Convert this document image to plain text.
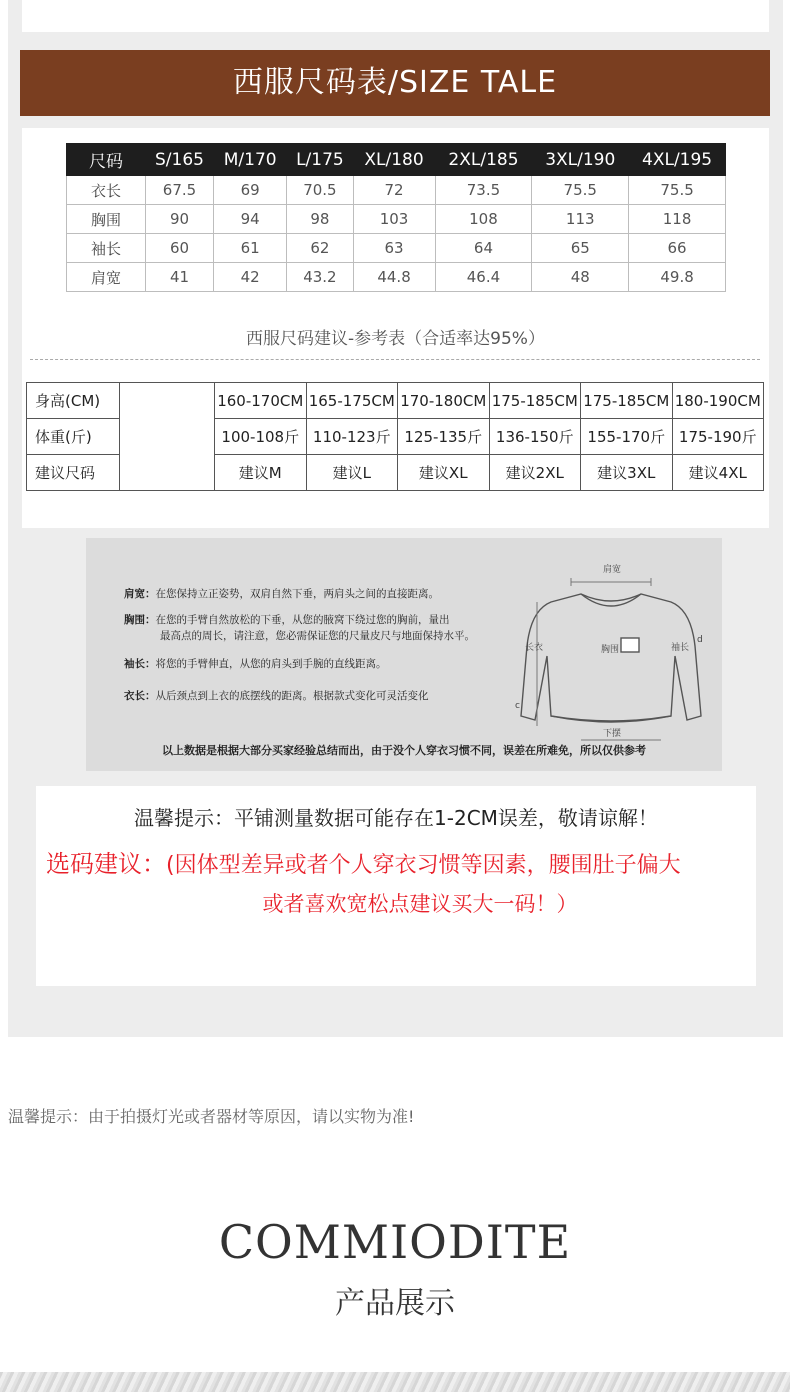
西服尺码表/SIZE TALE
尺码	S/165	M/170	L/175	XL/180	2XL/185	3XL/190	4XL/195
衣长	67.5	69	70.5	72	73.5	75.5	75.5
胸围	90	94	98	103	108	113	118
袖长	60	61	62	63	64	65	66
肩宽	41	42	43.2	44.8	46.4	48	49.8
西服尺码建议-参考表（合适率达95%）
身高(CM)		160-170CM	165-175CM	170-180CM	175-185CM	175-185CM	180-190CM
体重(斤)		100-108斤	110-123斤	125-135斤	136-150斤	155-170斤	175-190斤
建议尺码		建议M	建议L	建议XL	建议2XL	建议3XL	建议4XL
肩宽：在您保持立正姿势，双肩自然下垂，两肩头之间的直接距离。
胸围：在您的手臂自然放松的下垂，从您的腋窝下绕过您的胸前，量出
最高点的周长，请注意，您必需保证您的尺量皮尺与地面保持水平。
袖长：将您的手臂伸直，从您的肩头到手腕的直线距离。
衣长：从后颈点到上衣的底摆线的距离。根据款式变化可灵活变化
以上数据是根据大部分买家经验总结而出，由于没个人穿衣习惯不同，误差在所难免，所以仅供参考
肩宽
胸围
长衣	袖长
下摆
c
d
温馨提示：平铺测量数据可能存在1-2CM误差，敬请谅解！
选码建议：(因体型差异或者个人穿衣习惯等因素，腰围肚子偏大
或者喜欢宽松点建议买大一码！）
温馨提示：由于拍摄灯光或者器材等原因，请以实物为准!
COMMIODITE
产品展示
